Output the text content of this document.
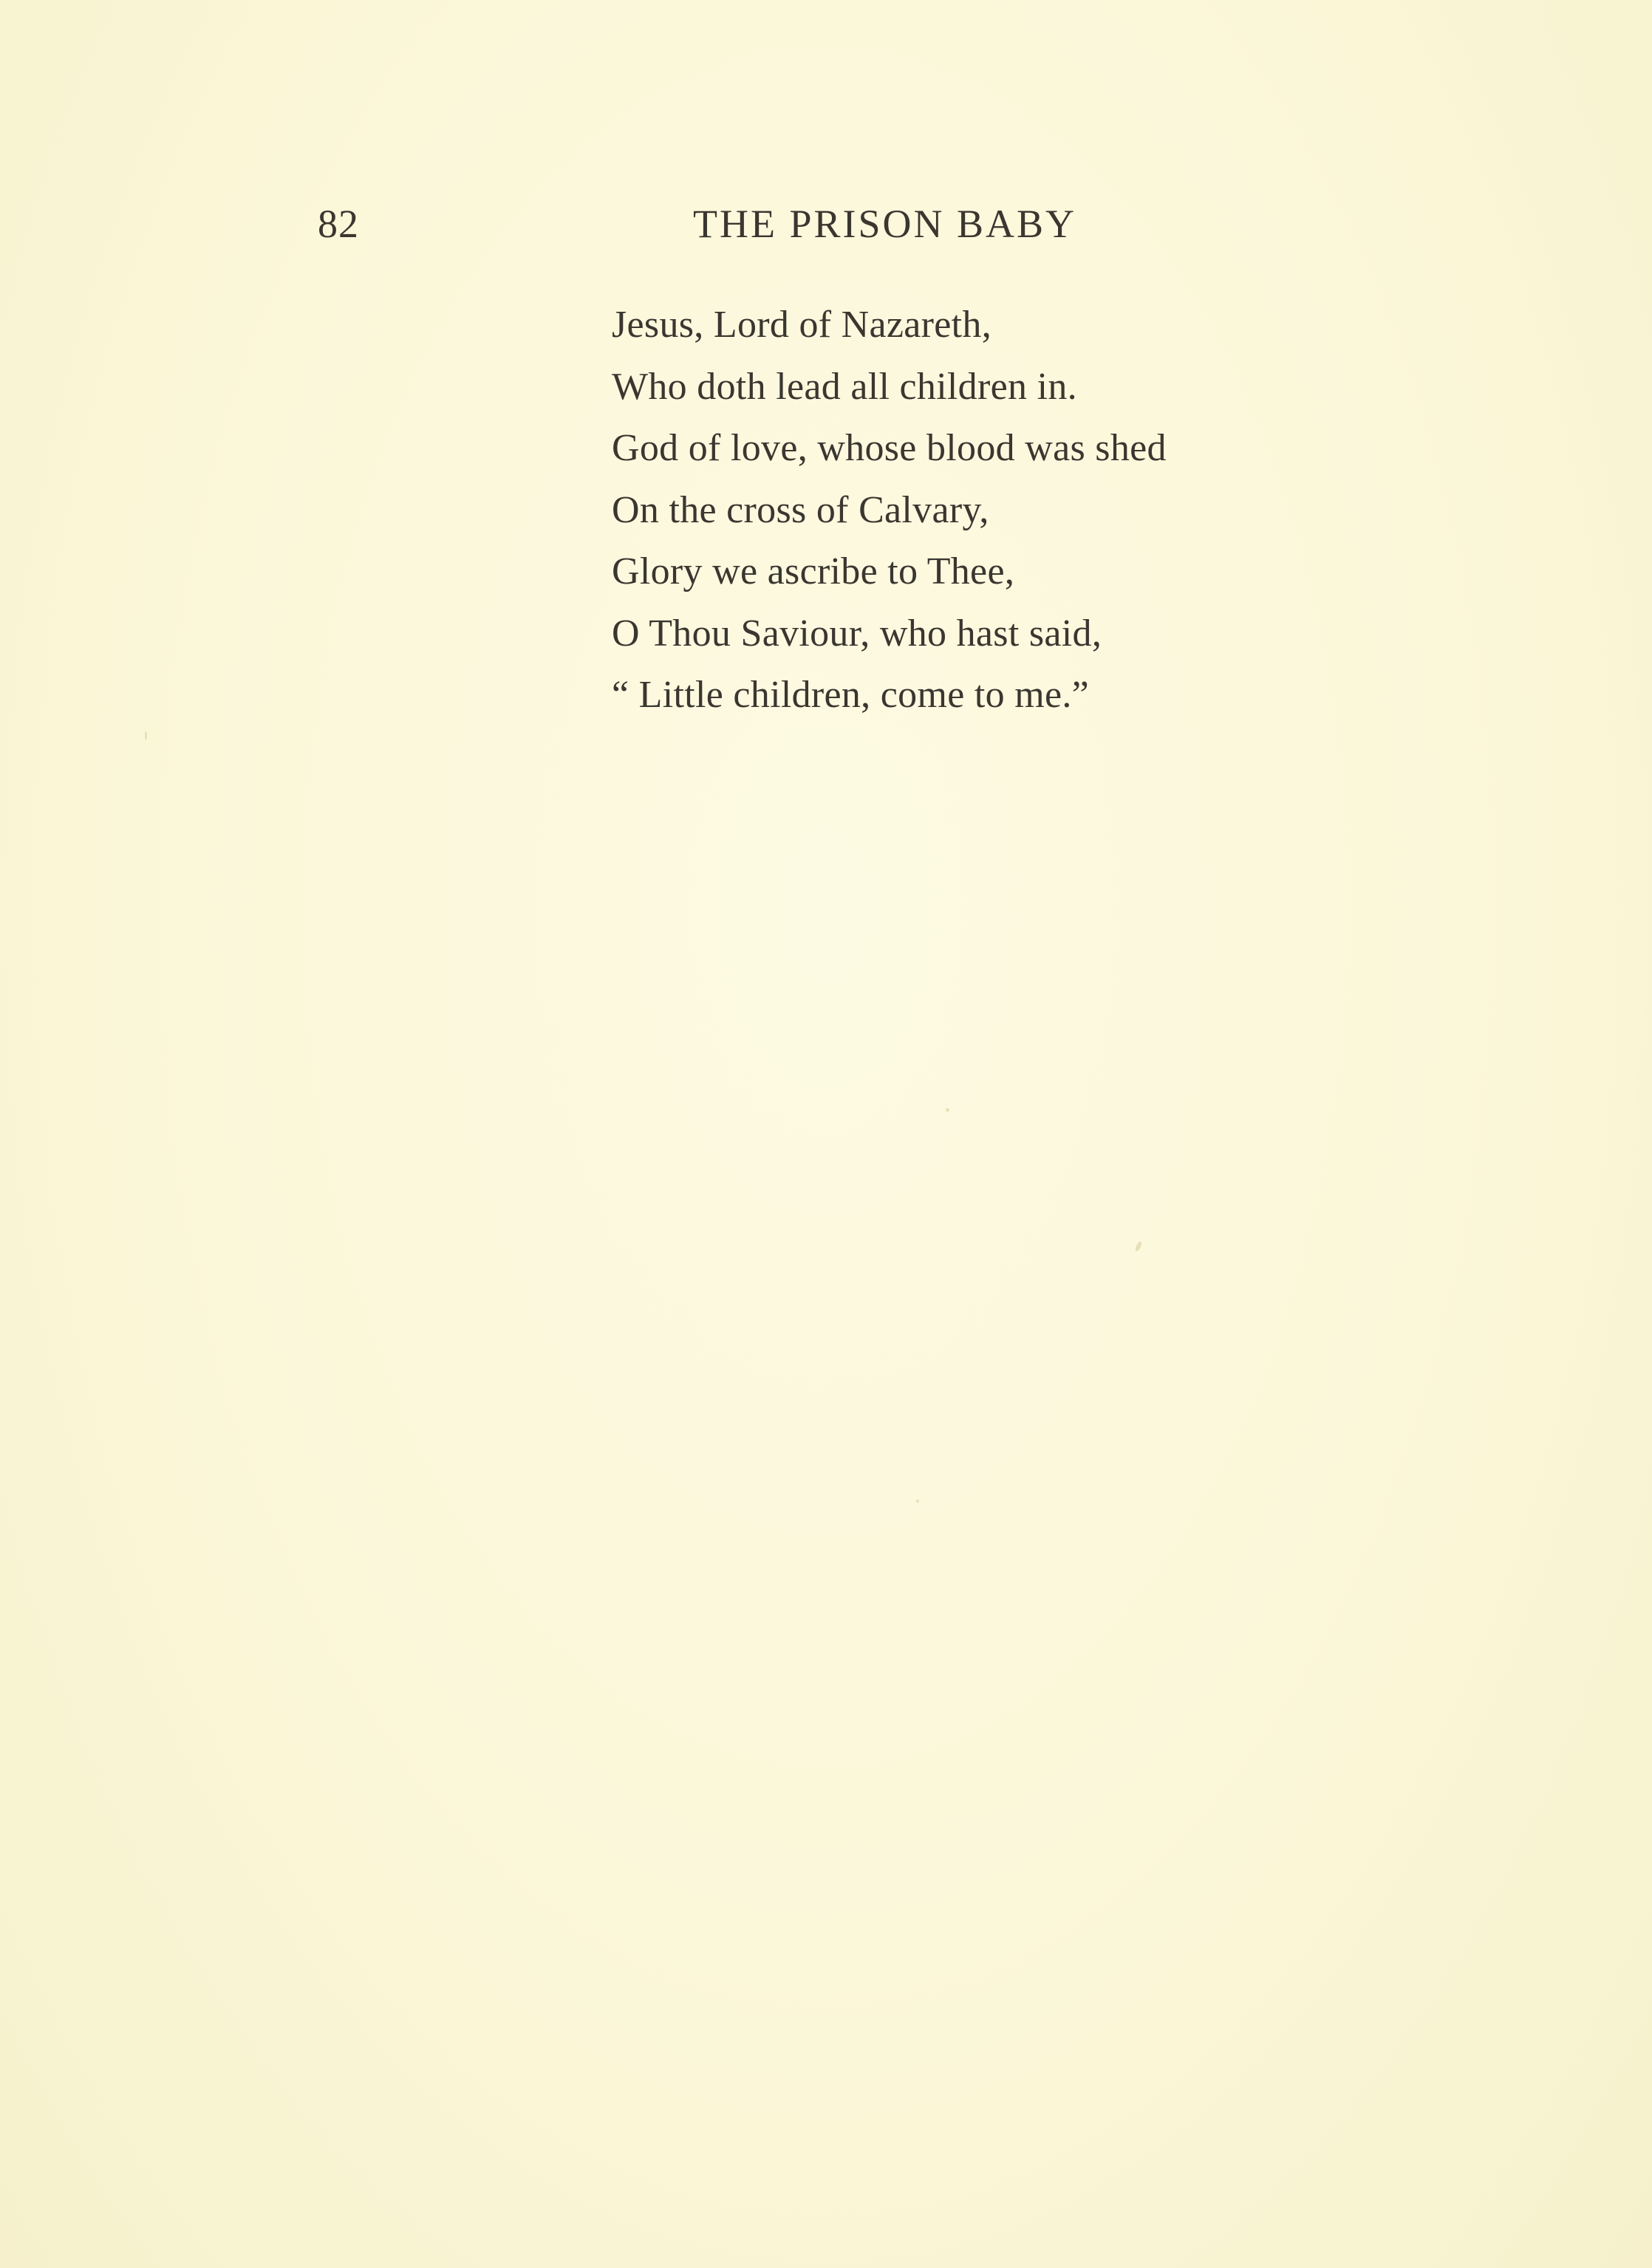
82	THE PRISON BABY
Jesus, Lord of Nazareth,
Who doth lead all children in.
God of love, whose blood was shed
On the cross of Calvary,
Glory we ascribe to Thee,
O Thou Saviour, who hast said,
“ Little children, come to me.”
